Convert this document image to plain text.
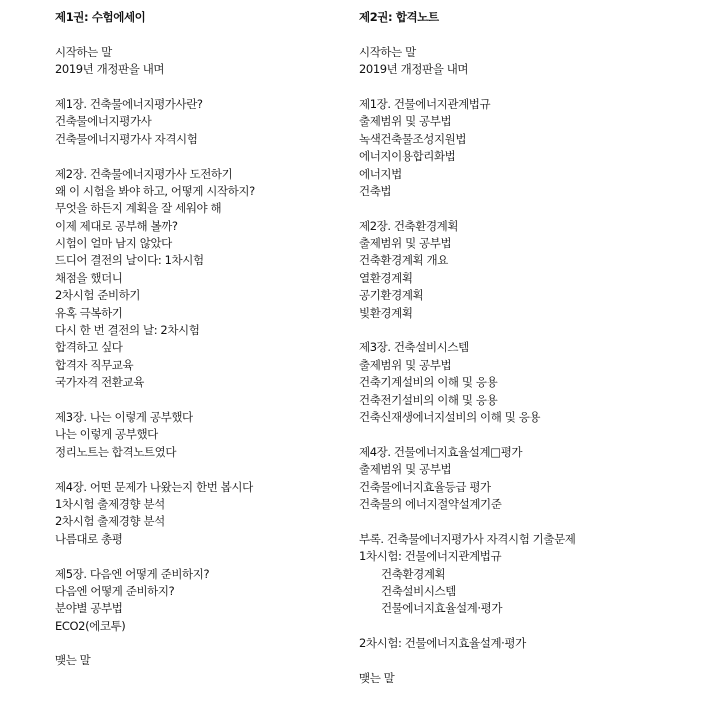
제1권: 수험에세이
시작하는 말
2019년 개정판을 내며
제1장. 건축물에너지평가사란?
건축물에너지평가사
건축물에너지평가사 자격시험
제2장. 건축물에너지평가사 도전하기
왜 이 시험을 봐야 하고, 어떻게 시작하지?
무엇을 하든지 계획을 잘 세워야 해
이제 제대로 공부해 볼까?
시험이 얼마 남지 않았다
드디어 결전의 날이다: 1차시험
채점을 했더니
2차시험 준비하기
유혹 극복하기
다시 한 번 결전의 날: 2차시험
합격하고 싶다
합격자 직무교육
국가자격 전환교육
제3장. 나는 이렇게 공부했다
나는 이렇게 공부했다
정리노트는 합격노트였다
제4장. 어떤 문제가 나왔는지 한번 봅시다
1차시험 출제경향 분석
2차시험 출제경향 분석
나름대로 총평
제5장. 다음엔 어떻게 준비하지?
다음엔 어떻게 준비하지?
분야별 공부법
ECO2(에코투)
맺는 말
제2권: 합격노트
시작하는 말
2019년 개정판을 내며
제1장. 건물에너지관계법규
출제범위 및 공부법
녹색건축물조성지원법
에너지이용합리화법
에너지법
건축법
제2장. 건축환경계획
출제범위 및 공부법
건축환경계획 개요
열환경계획
공기환경계획
빛환경계획
제3장. 건축설비시스템
출제범위 및 공부법
건축기계설비의 이해 및 응용
건축전기설비의 이해 및 응용
건축신재생에너지설비의 이해 및 응용
제4장. 건물에너지효율설계□평가
출제범위 및 공부법
건축물에너지효율등급 평가
건축물의 에너지절약설계기준
부록. 건축물에너지평가사 자격시험 기출문제
1차시험: 건물에너지관계법규
건축환경계획
건축설비시스템
건물에너지효율설계·평가
2차시험: 건물에너지효율설계·평가
맺는 말
